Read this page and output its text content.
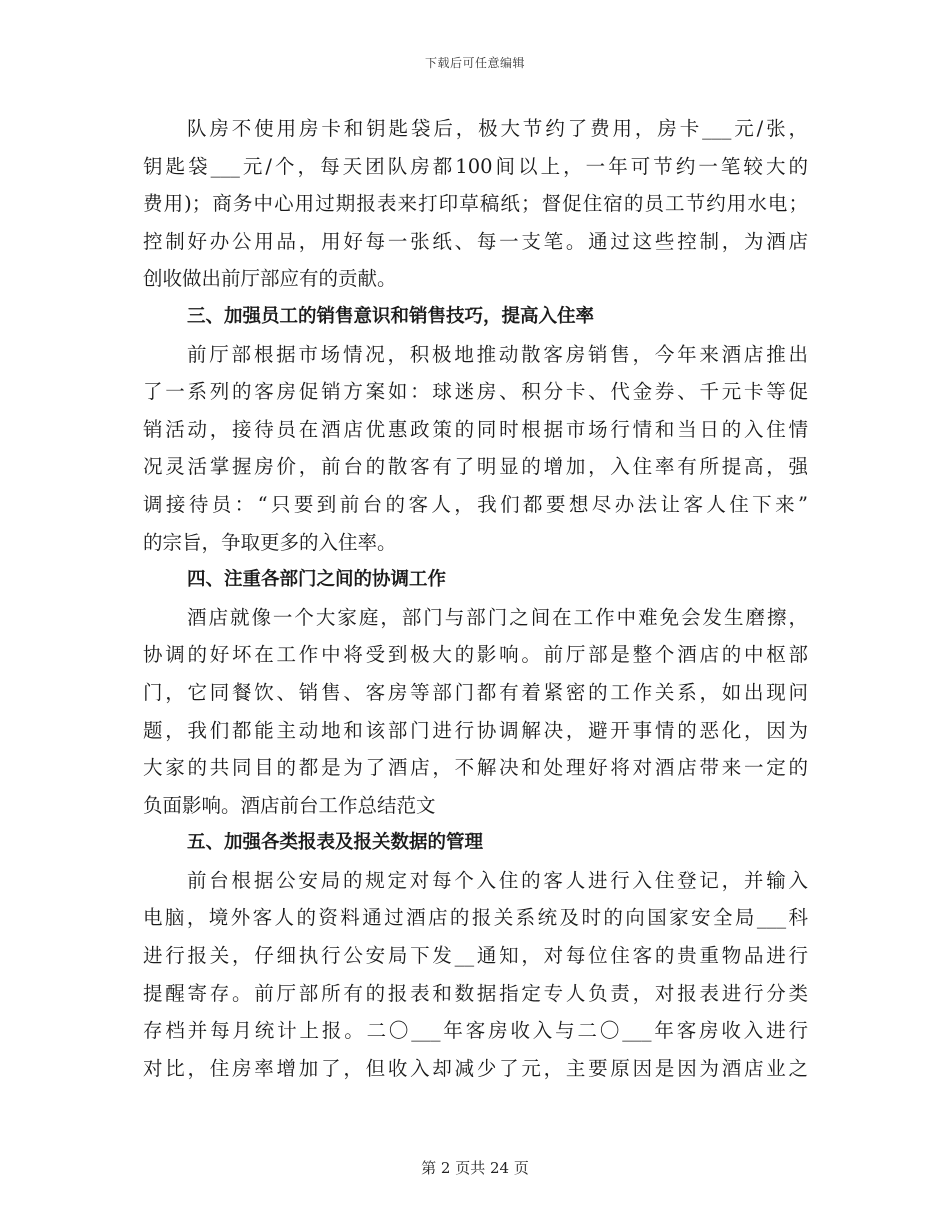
下载后可任意编辑
队房不使用房卡和钥匙袋后，极大节约了费用，房卡___元/张，
钥匙袋___元/个，每天团队房都100间以上，一年可节约一笔较大的
费用)；商务中心用过期报表来打印草稿纸；督促住宿的员工节约用水电；
控制好办公用品，用好每一张纸、每一支笔。通过这些控制，为酒店
创收做出前厅部应有的贡献。
三、加强员工的销售意识和销售技巧，提高入住率
前厅部根据市场情况，积极地推动散客房销售，今年来酒店推出
了一系列的客房促销方案如：球迷房、积分卡、代金券、千元卡等促
销活动，接待员在酒店优惠政策的同时根据市场行情和当日的入住情
况灵活掌握房价，前台的散客有了明显的增加，入住率有所提高，强
调接待员：“只要到前台的客人，我们都要想尽办法让客人住下来”
的宗旨，争取更多的入住率。
四、注重各部门之间的协调工作
酒店就像一个大家庭，部门与部门之间在工作中难免会发生磨擦，
协调的好坏在工作中将受到极大的影响。前厅部是整个酒店的中枢部
门，它同餐饮、销售、客房等部门都有着紧密的工作关系，如出现问
题，我们都能主动地和该部门进行协调解决，避开事情的恶化，因为
大家的共同目的都是为了酒店，不解决和处理好将对酒店带来一定的
负面影响。酒店前台工作总结范文
五、加强各类报表及报关数据的管理
前台根据公安局的规定对每个入住的客人进行入住登记，并输入
电脑，境外客人的资料通过酒店的报关系统及时的向国家安全局___科
进行报关，仔细执行公安局下发__通知，对每位住客的贵重物品进行
提醒寄存。前厅部所有的报表和数据指定专人负责，对报表进行分类
存档并每月统计上报。二〇___年客房收入与二〇___年客房收入进行
对比，住房率增加了，但收入却减少了元，主要原因是因为酒店业之
第 2 页共 24 页
